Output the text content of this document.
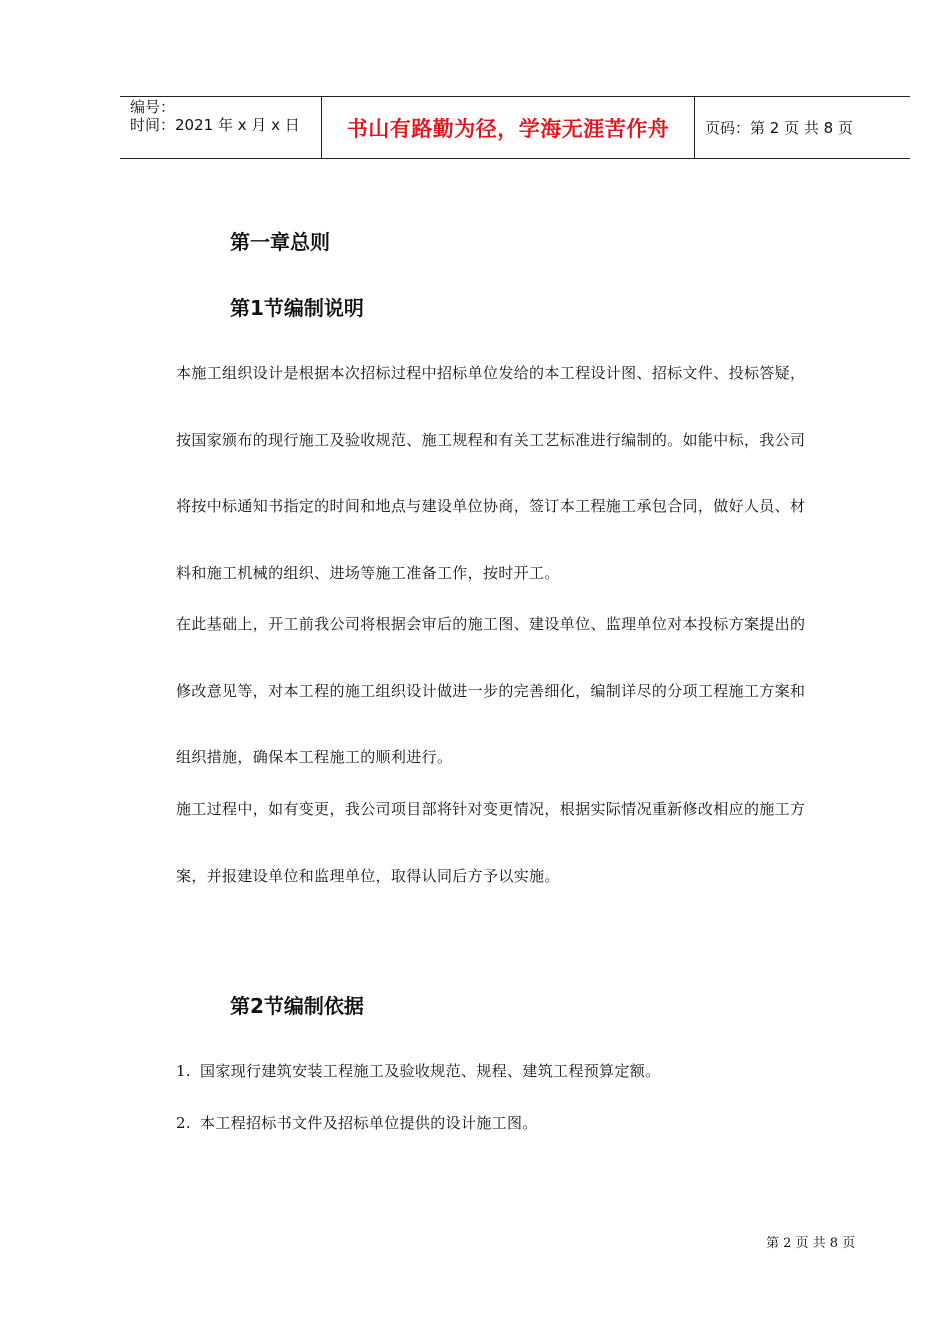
编号：
时间：2021 年 x 月 x 日	书山有路勤为径，学海无涯苦作舟	页码：第 2 页 共 8 页
第一章总则
第1节编制说明

本施工组织设计是根据本次招标过程中招标单位发给的本工程设计图、招标文件、投标答疑，

按国家颁布的现行施工及验收规范、施工规程和有关工艺标准进行编制的。如能中标，我公司

将按中标通知书指定的时间和地点与建设单位协商，签订本工程施工承包合同，做好人员、材

料和施工机械的组织、进场等施工准备工作，按时开工。

在此基础上，开工前我公司将根据会审后的施工图、建设单位、监理单位对本投标方案提出的

修改意见等，对本工程的施工组织设计做进一步的完善细化，编制详尽的分项工程施工方案和

组织措施，确保本工程施工的顺利进行。

施工过程中，如有变更，我公司项目部将针对变更情况，根据实际情况重新修改相应的施工方

案，并报建设单位和监理单位，取得认同后方予以实施。

第2节编制依据

1. 国家现行建筑安装工程施工及验收规范、规程、建筑工程预算定额。

2. 本工程招标书文件及招标单位提供的设计施工图。

第 2 页 共 8 页
